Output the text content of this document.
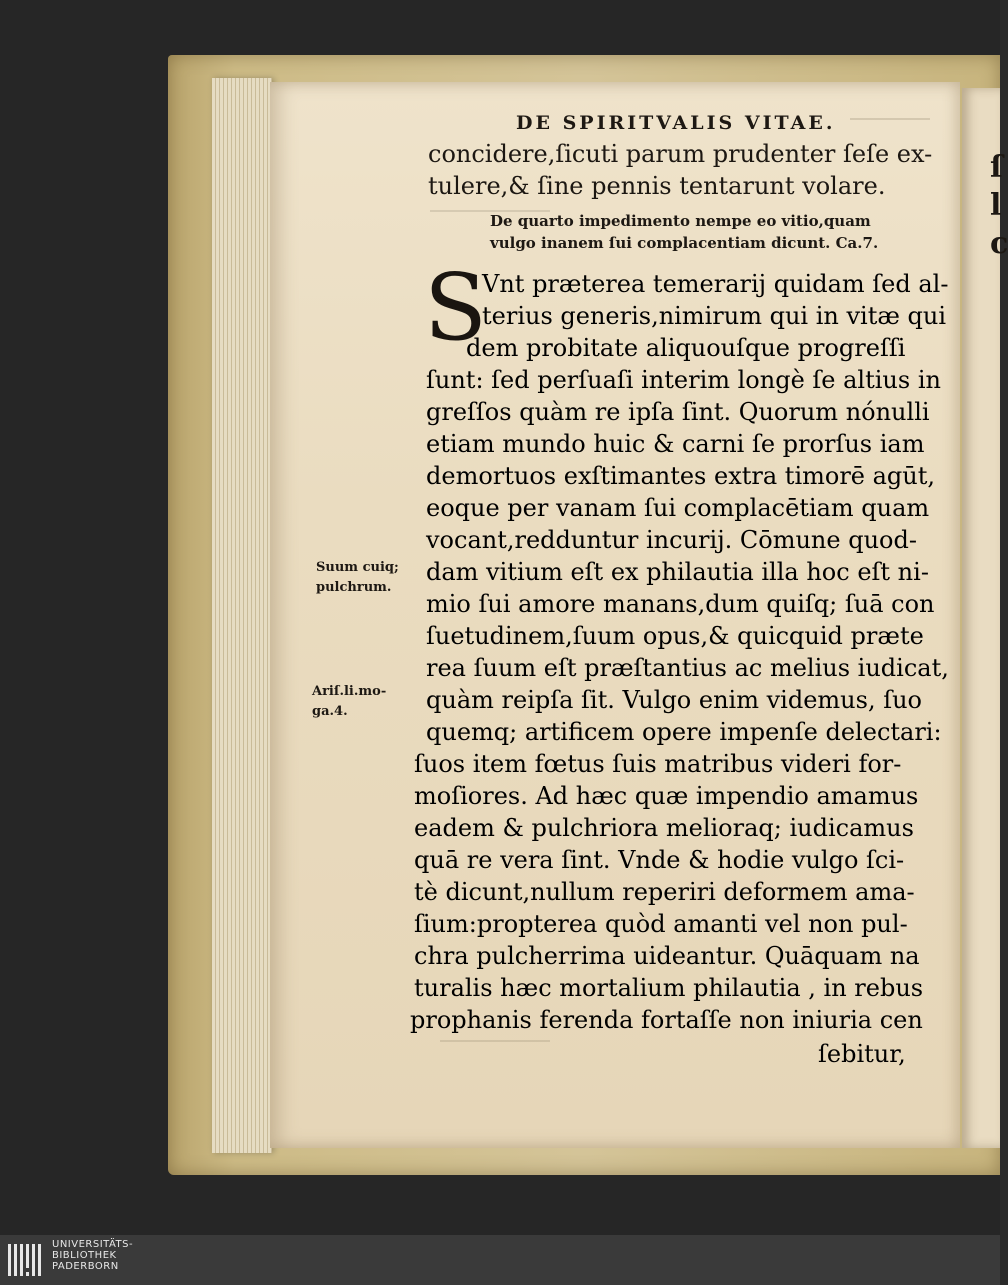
ſ
l
c
DE SPIRITVALIS VITAE.
concidere,ſicuti parum prudenter ſeſe ex-
tulere,& ſine pennis tentarunt volare.
De quarto impedimento nempe eo vitio,quam
vulgo inanem ſui complacentiam dicunt. Ca.7.
S
Vnt præterea temerarij quidam ſed al-
terius generis,nimirum qui in vitæ qui
dem probitate aliquouſque progreſſi
ſunt: ſed perſuaſi interim longè ſe altius in
greſſos quàm re ipſa ſint. Quorum nónulli
etiam mundo huic & carni ſe prorſus iam
demortuos exſtimantes extra timorē agūt,
eoque per vanam ſui complacētiam quam
vocant,redduntur incurij. Cōmune quod-
dam vitium eſt ex philautia illa hoc eſt ni-
mio ſui amore manans,dum quiſq; ſuā con
ſuetudinem,ſuum opus,& quicquid præte
rea ſuum eſt præſtantius ac melius iudicat,
quàm reipſa ſit. Vulgo enim videmus, ſuo
quemq; artificem opere impenſe delectari:
ſuos item fœtus ſuis matribus videri for-
moſiores. Ad hæc quæ impendio amamus
eadem & pulchriora melioraq; iudicamus
quā re vera ſint. Vnde & hodie vulgo ſci-
tè dicunt,nullum reperiri deformem ama-
ſium:propterea quòd amanti vel non pul-
chra pulcherrima uideantur. Quāquam na
turalis hæc mortalium philautia , in rebus
prophanis ferenda fortaſſe non iniuria cen
ſebitur,
Suum cuiq;
pulchrum.
Ariſ.li.mo-
ga.4.
UNIVERSITÄTS-
BIBLIOTHEK
PADERBORN
